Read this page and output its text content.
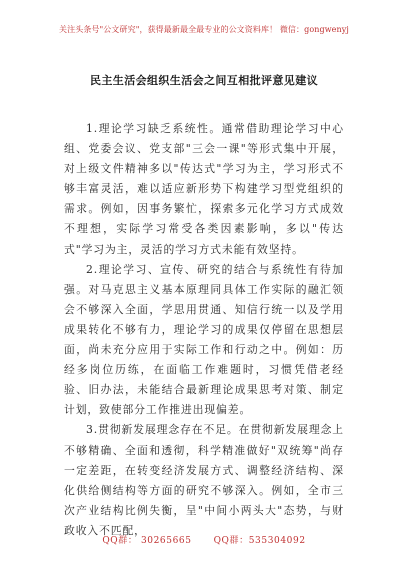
关注头条号"公文研究"，获得最新最全最专业的公文资料库！ 微信：gongwenyj
民主生活会组织生活会之间互相批评意见建议

1.理论学习缺乏系统性。通常借助理论学习中心组、党委会议、党支部"三会一课"等形式集中开展，对上级文件精神多以"传达式"学习为主，学习形式不够丰富灵活，难以适应新形势下构建学习型党组织的需求。例如，因事务繁忙，探索多元化学习方式成效不理想，实际学习常受各类因素影响，多以"传达式"学习为主，灵活的学习方式未能有效坚持。

2.理论学习、宣传、研究的结合与系统性有待加强。对马克思主义基本原理同具体工作实际的融汇领会不够深入全面，学思用贯通、知信行统一以及学用成果转化不够有力，理论学习的成果仅停留在思想层面，尚未充分应用于实际工作和行动之中。例如：历经多岗位历练，在面临工作难题时，习惯凭借老经验、旧办法，未能结合最新理论成果思考对策、制定计划，致使部分工作推进出现偏差。

3.贯彻新发展理念存在不足。在贯彻新发展理念上不够精确、全面和透彻，科学精准做好"双统筹"尚存一定差距，在转变经济发展方式、调整经济结构、深化供给侧结构等方面的研究不够深入。例如，全市三次产业结构比例失衡，呈"中间小两头大"态势，与财政收入不匹配，

QQ群： 30265665 QQ群：535304092
